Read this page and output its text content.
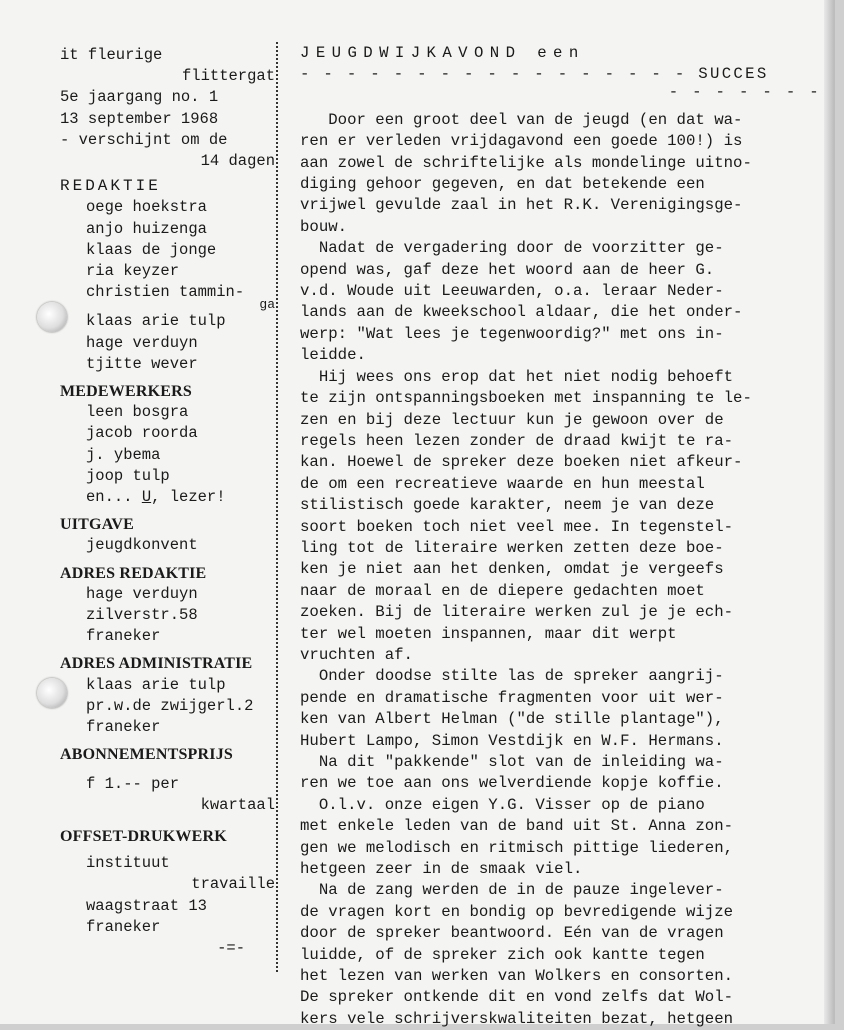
it fleurige
flittergat
5e jaargang no. 1
13 september 1968
- verschijnt om de
14 dagen
REDAKTIE
oege hoekstra
anjo huizenga
klaas de jonge
ria keyzer
christien tammin-
ga
klaas arie tulp
hage verduyn
tjitte wever
MEDEWERKERS
leen bosgra
jacob roorda
j. ybema
joop tulp
en... U, lezer!
UITGAVE
jeugdkonvent
ADRES REDAKTIE
hage verduyn
zilverstr.58
franeker
ADRES ADMINISTRATIE
klaas arie tulp
pr.w.de zwijgerl.2
franeker
ABONNEMENTSPRIJS
f 1.-- per
kwartaal
OFFSET-DRUKWERK
instituut
travaille
waagstraat 13
franeker
-=-
JEUGDWIJKAVOND een
- - - - - - - - - - - - - - - - - SUCCES
- - - - - - -
Door een groot deel van de jeugd (en dat wa-
ren er verleden vrijdagavond een goede 100!) is
aan zowel de schriftelijke als mondelinge uitno-
diging gehoor gegeven, en dat betekende een
vrijwel gevulde zaal in het R.K. Verenigingsge-
bouw.
Nadat de vergadering door de voorzitter ge-
opend was, gaf deze het woord aan de heer G.
v.d. Woude uit Leeuwarden, o.a. leraar Neder-
lands aan de kweekschool aldaar, die het onder-
werp: "Wat lees je tegenwoordig?" met ons in-
leidde.
Hij wees ons erop dat het niet nodig behoeft
te zijn ontspanningsboeken met inspanning te le-
zen en bij deze lectuur kun je gewoon over de
regels heen lezen zonder de draad kwijt te ra-
kan. Hoewel de spreker deze boeken niet afkeur-
de om een recreatieve waarde en hun meestal
stilistisch goede karakter, neem je van deze
soort boeken toch niet veel mee. In tegenstel-
ling tot de literaire werken zetten deze boe-
ken je niet aan het denken, omdat je vergeefs
naar de moraal en de diepere gedachten moet
zoeken. Bij de literaire werken zul je je ech-
ter wel moeten inspannen, maar dit werpt
vruchten af.
Onder doodse stilte las de spreker aangrij-
pende en dramatische fragmenten voor uit wer-
ken van Albert Helman ("de stille plantage"),
Hubert Lampo, Simon Vestdijk en W.F. Hermans.
Na dit "pakkende" slot van de inleiding wa-
ren we toe aan ons welverdiende kopje koffie.
O.l.v. onze eigen Y.G. Visser op de piano
met enkele leden van de band uit St. Anna zon-
gen we melodisch en ritmisch pittige liederen,
hetgeen zeer in de smaak viel.
Na de zang werden de in de pauze ingelever-
de vragen kort en bondig op bevredigende wijze
door de spreker beantwoord. Eén van de vragen
luidde, of de spreker zich ook kantte tegen
het lezen van werken van Wolkers en consorten.
De spreker ontkende dit en vond zelfs dat Wol-
kers vele schrijverskwaliteiten bezat, hetgeen
